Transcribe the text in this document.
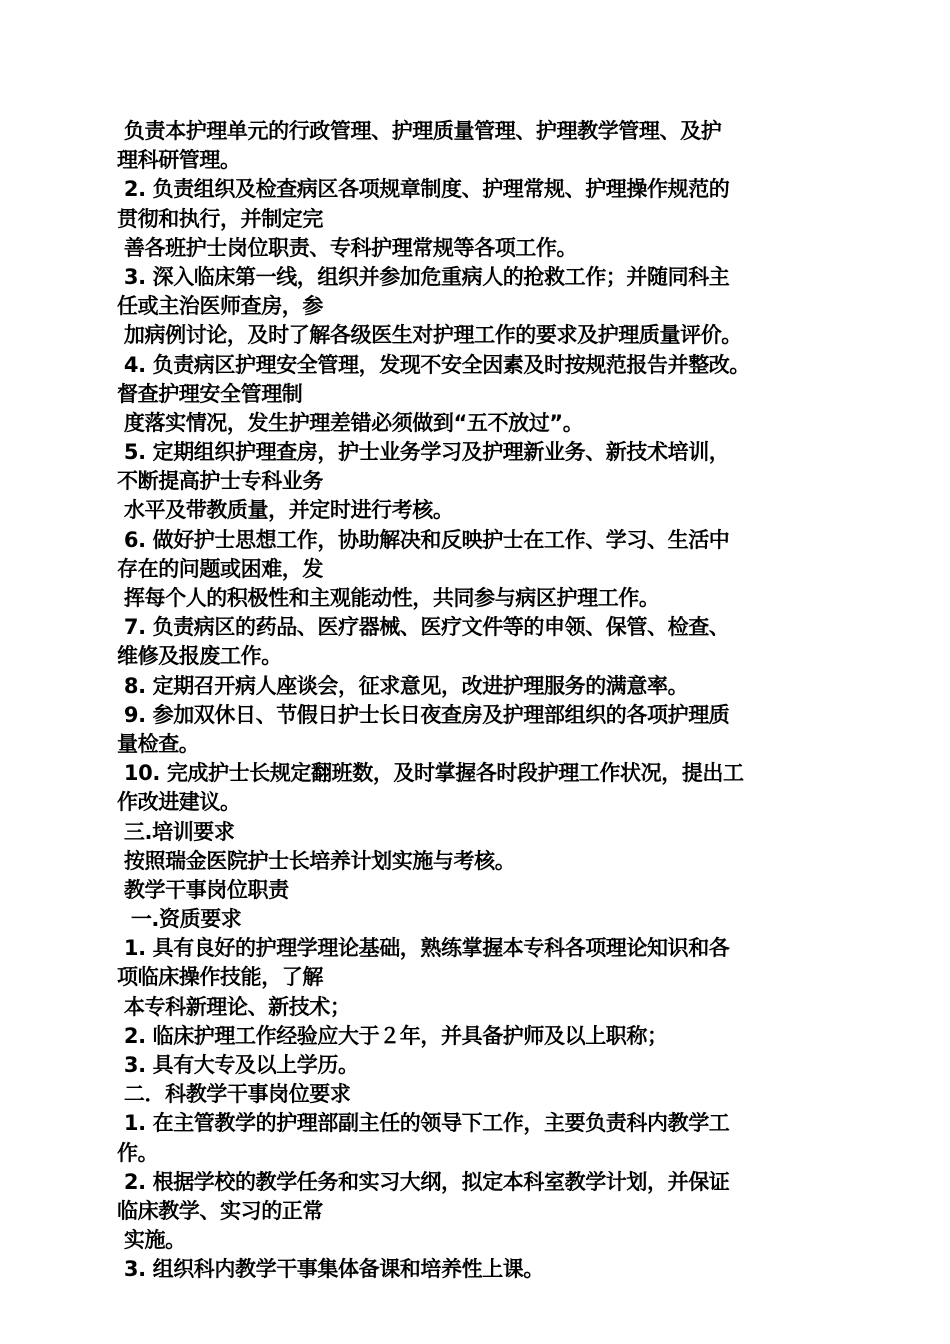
负责本护理单元的行政管理、护理质量管理、护理教学管理、及护
理科研管理。
2. 负责组织及检查病区各项规章制度、护理常规、护理操作规范的
贯彻和执行，并制定完
善各班护士岗位职责、专科护理常规等各项工作。
3. 深入临床第一线，组织并参加危重病人的抢救工作；并随同科主
任或主治医师查房，参
加病例讨论，及时了解各级医生对护理工作的要求及护理质量评价。
4. 负责病区护理安全管理，发现不安全因素及时按规范报告并整改。
督查护理安全管理制
度落实情况，发生护理差错必须做到“五不放过”。
5. 定期组织护理查房，护士业务学习及护理新业务、新技术培训，
不断提高护士专科业务
水平及带教质量，并定时进行考核。
6. 做好护士思想工作，协助解决和反映护士在工作、学习、生活中
存在的问题或困难，发
挥每个人的积极性和主观能动性，共同参与病区护理工作。
7. 负责病区的药品、医疗器械、医疗文件等的申领、保管、检查、
维修及报废工作。
8. 定期召开病人座谈会，征求意见，改进护理服务的满意率。
9. 参加双休日、节假日护士长日夜查房及护理部组织的各项护理质
量检查。
10. 完成护士长规定翻班数，及时掌握各时段护理工作状况，提出工
作改进建议。
三.培训要求
按照瑞金医院护士长培养计划实施与考核。
教学干事岗位职责
一.资质要求
1. 具有良好的护理学理论基础，熟练掌握本专科各项理论知识和各
项临床操作技能，了解
本专科新理论、新技术；
2. 临床护理工作经验应大于２年，并具备护师及以上职称；
3. 具有大专及以上学历。
二．科教学干事岗位要求
1. 在主管教学的护理部副主任的领导下工作，主要负责科内教学工
作。
2. 根据学校的教学任务和实习大纲，拟定本科室教学计划，并保证
临床教学、实习的正常
实施。
3. 组织科内教学干事集体备课和培养性上课。
